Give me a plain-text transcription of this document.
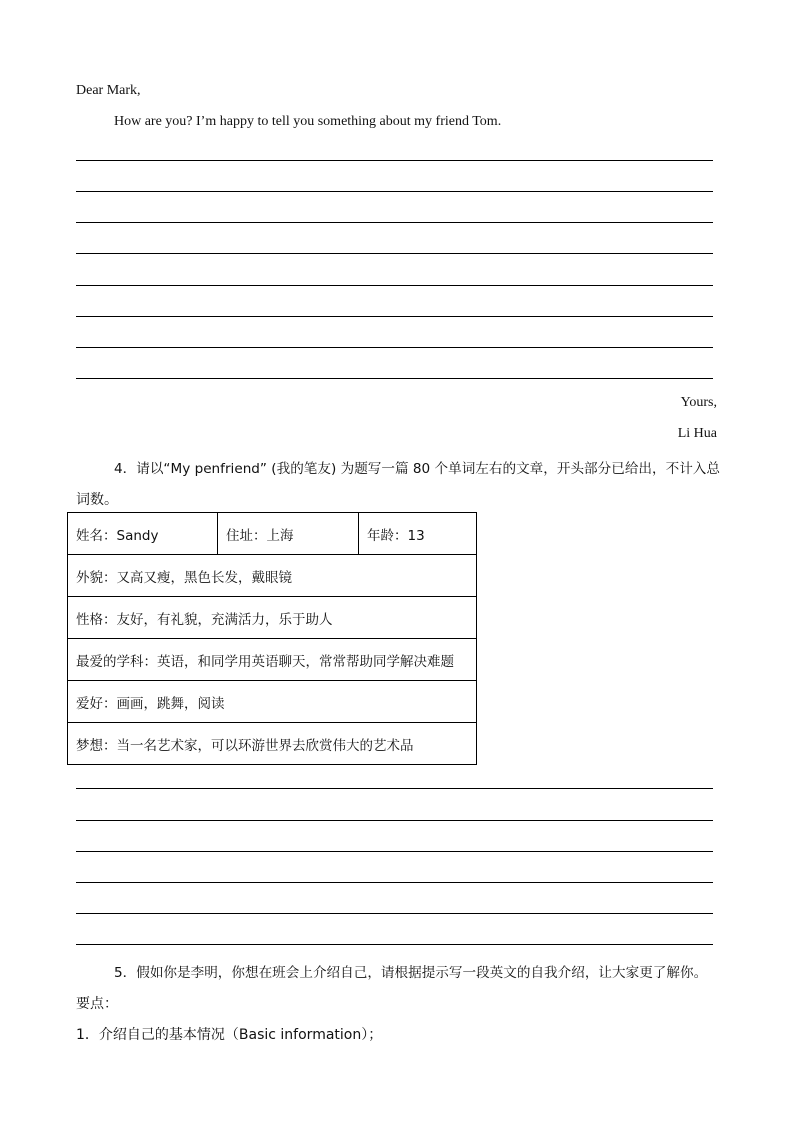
Dear Mark,
How are you? I’m happy to tell you something about my friend Tom.
Yours,
Li Hua
4．请以“My penfriend” (我的笔友) 为题写一篇 80 个单词左右的文章，开头部分已给出，不计入总
词数。
姓名：Sandy	住址：上海	年龄：13
外貌：又高又瘦，黑色长发，戴眼镜
性格：友好，有礼貌，充满活力，乐于助人
最爱的学科：英语，和同学用英语聊天，常常帮助同学解决难题
爱好：画画，跳舞，阅读
梦想：当一名艺术家，可以环游世界去欣赏伟大的艺术品
5．假如你是李明，你想在班会上介绍自己，请根据提示写一段英文的自我介绍，让大家更了解你。
要点：
1．介绍自己的基本情况（Basic information）；
